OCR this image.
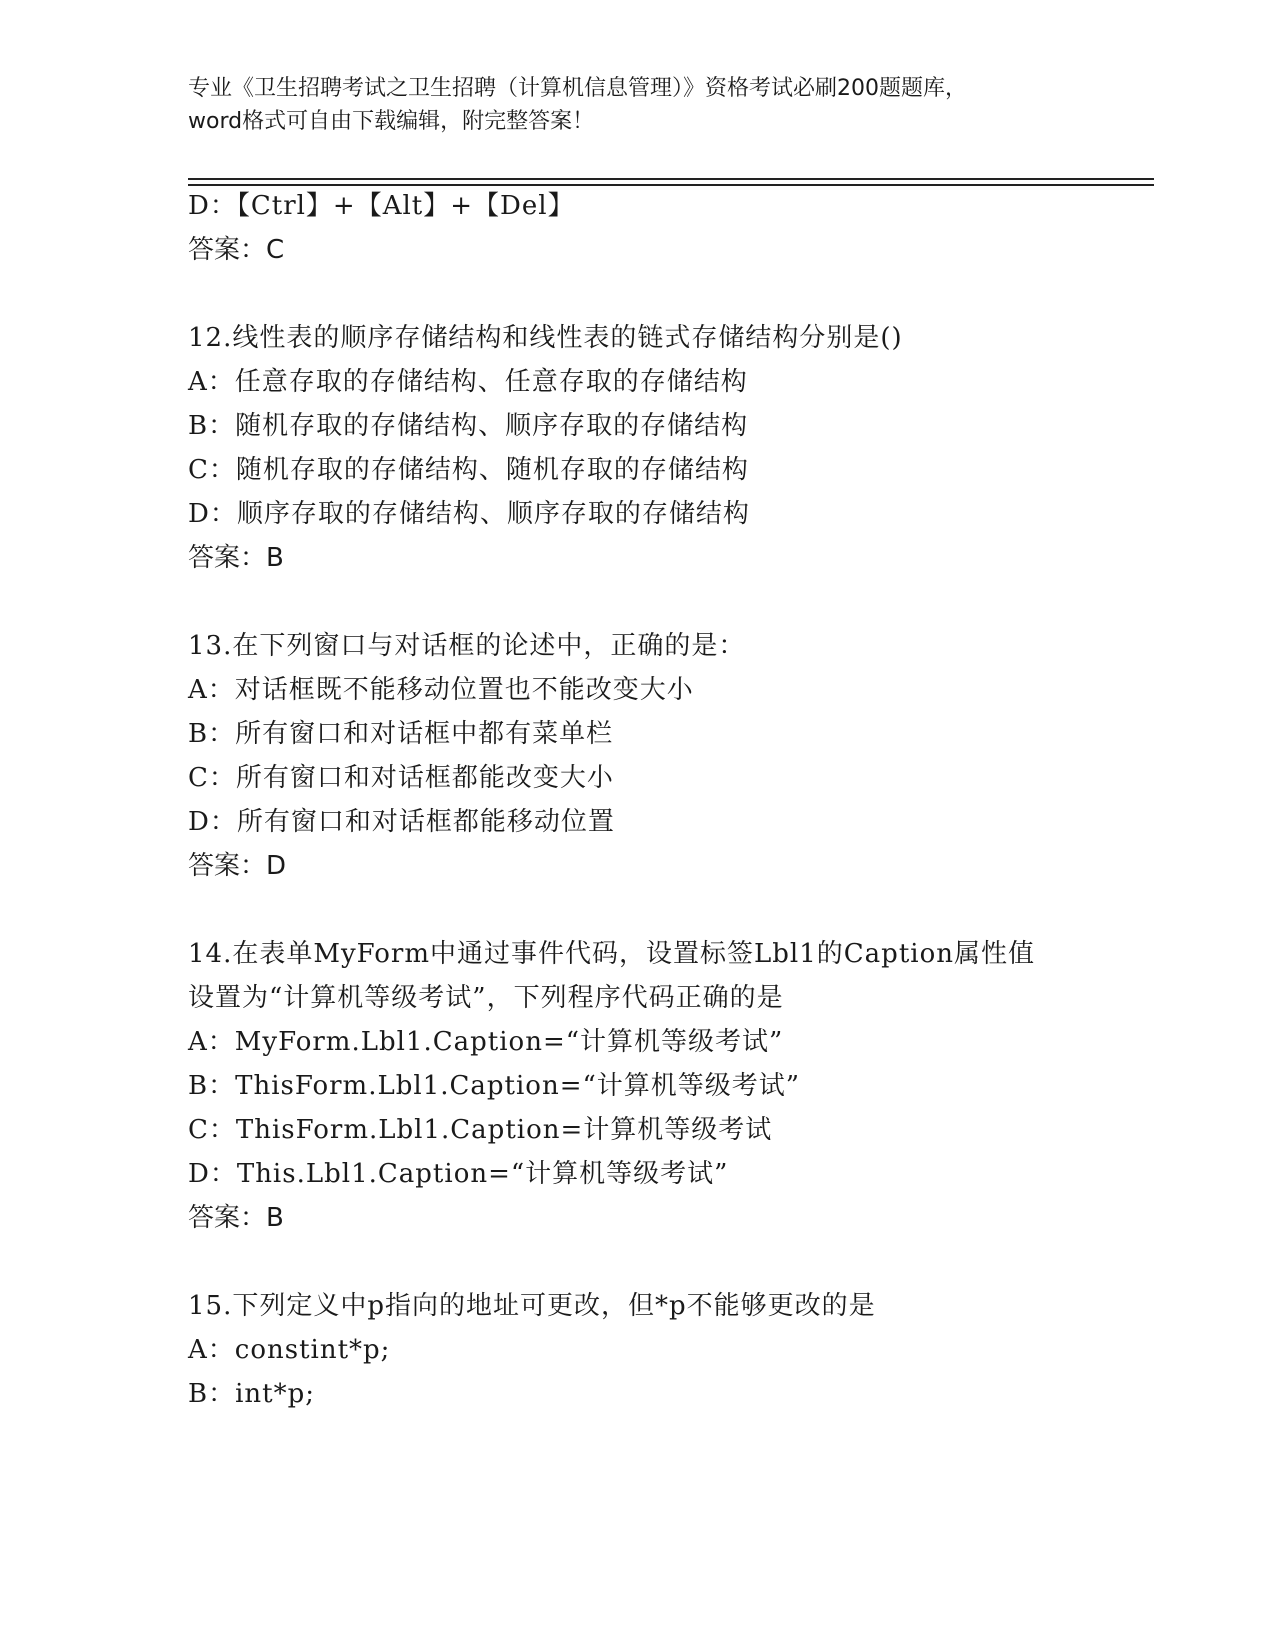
专业《卫生招聘考试之卫生招聘（计算机信息管理）》资格考试必刷200题题库，
word格式可自由下载编辑，附完整答案！
D：【Ctrl】+【Alt】+【Del】
答案：C
12.线性表的顺序存储结构和线性表的链式存储结构分别是()
A：任意存取的存储结构、任意存取的存储结构
B：随机存取的存储结构、顺序存取的存储结构
C：随机存取的存储结构、随机存取的存储结构
D：顺序存取的存储结构、顺序存取的存储结构
答案：B
13.在下列窗口与对话框的论述中，正确的是：
A：对话框既不能移动位置也不能改变大小
B：所有窗口和对话框中都有菜单栏
C：所有窗口和对话框都能改变大小
D：所有窗口和对话框都能移动位置
答案：D
14.在表单MyForm中通过事件代码，设置标签Lbl1的Caption属性值
设置为“计算机等级考试”，下列程序代码正确的是
A：MyForm.Lbl1.Caption=“计算机等级考试”
B：ThisForm.Lbl1.Caption=“计算机等级考试”
C：ThisForm.Lbl1.Caption=计算机等级考试
D：This.Lbl1.Caption=“计算机等级考试”
答案：B
15.下列定义中p指向的地址可更改，但*p不能够更改的是
A：constint*p;
B：int*p;
